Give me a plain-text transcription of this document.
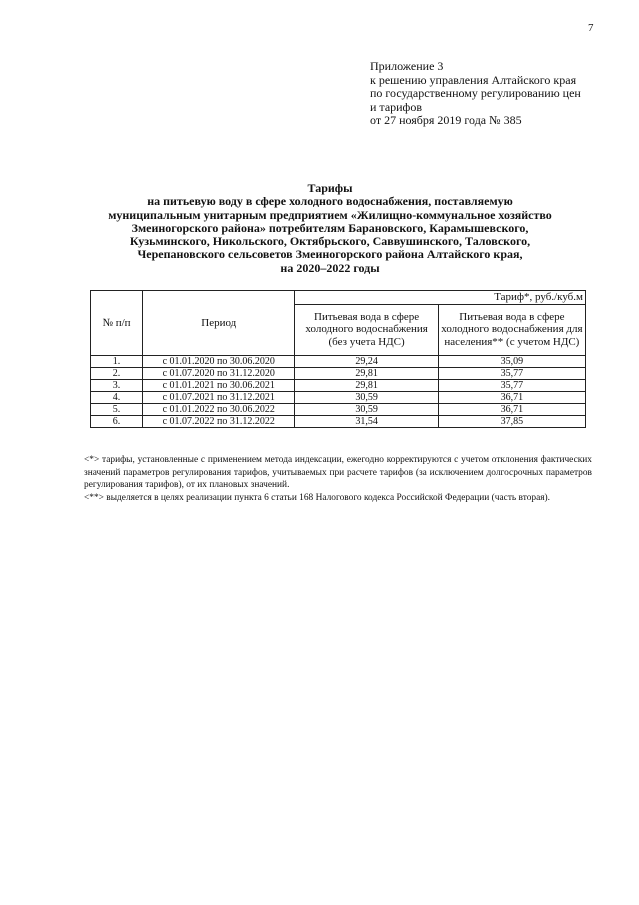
7
Приложение 3
к решению управления Алтайского края
по государственному регулированию цен
и тарифов
от 27 ноября 2019 года № 385
Тарифы
на питьевую воду в сфере холодного водоснабжения, поставляемую
муниципальным унитарным предприятием «Жилищно-коммунальное хозяйство
Змеиногорского района» потребителям Барановского, Карамышевского,
Кузьминского, Никольского, Октябрьского, Саввушинского, Таловского,
Черепановского сельсоветов Змеиногорского района Алтайского края,
на 2020–2022 годы
№ п/п	Период	Тариф*, руб./куб.м	
		Питьевая вода в сфере холодного водоснабжения (без учета НДС)	Питьевая вода в сфере холодного водоснабжения для населения** (с учетом НДС)
1.	с 01.01.2020 по 30.06.2020	29,24	35,09
2.	с 01.07.2020 по 31.12.2020	29,81	35,77
3.	с 01.01.2021 по 30.06.2021	29,81	35,77
4.	с 01.07.2021 по 31.12.2021	30,59	36,71
5.	с 01.01.2022 по 30.06.2022	30,59	36,71
6.	с 01.07.2022 по 31.12.2022	31,54	37,85

<*> тарифы, установленные с применением метода индексации, ежегодно корректируются с учетом отклонения фактических значений параметров регулирования тарифов, учитываемых при расчете тарифов (за исключением долгосрочных параметров регулирования тарифов), от их плановых значений.

<**> выделяется в целях реализации пункта 6 статьи 168 Налогового кодекса Российской Федерации (часть вторая).
